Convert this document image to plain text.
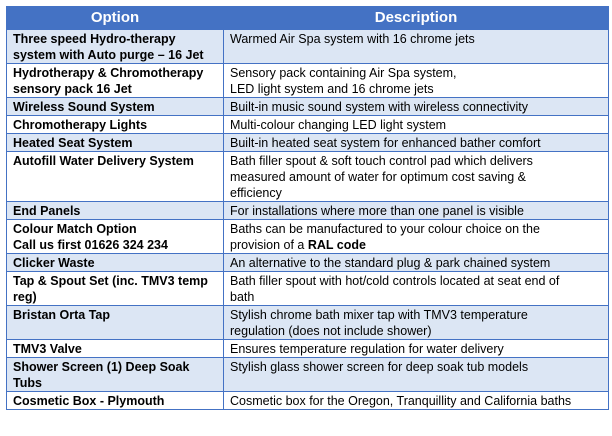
Option	Description

Three speed Hydro-therapy
system with Auto purge – 16 Jet	Warmed Air Spa system with 16 chrome jets

Hydrotherapy & Chromotherapy
sensory pack 16 Jet	Sensory pack containing Air Spa system,
LED light system and 16 chrome jets

Wireless Sound System	Built-in music sound system with wireless connectivity

Chromotherapy Lights	Multi-colour changing LED light system

Heated Seat System	Built-in heated seat system for enhanced bather comfort

Autofill Water Delivery System	Bath filler spout & soft touch control pad which delivers
measured amount of water for optimum cost saving &
efficiency

End Panels	For installations where more than one panel is visible

Colour Match Option
Call us first 01626 324 234	Baths can be manufactured to your colour choice on the
provision of a RAL code

Clicker Waste	An alternative to the standard plug & park chained system

Tap & Spout Set (inc. TMV3 temp
reg)	Bath filler spout with hot/cold controls located at seat end of
bath

Bristan Orta Tap	Stylish chrome bath mixer tap with TMV3 temperature
regulation (does not include shower)

TMV3 Valve	Ensures temperature regulation for water delivery

Shower Screen (1) Deep Soak
Tubs	Stylish glass shower screen for deep soak tub models

Cosmetic Box - Plymouth	Cosmetic box for the Oregon, Tranquillity and California baths
